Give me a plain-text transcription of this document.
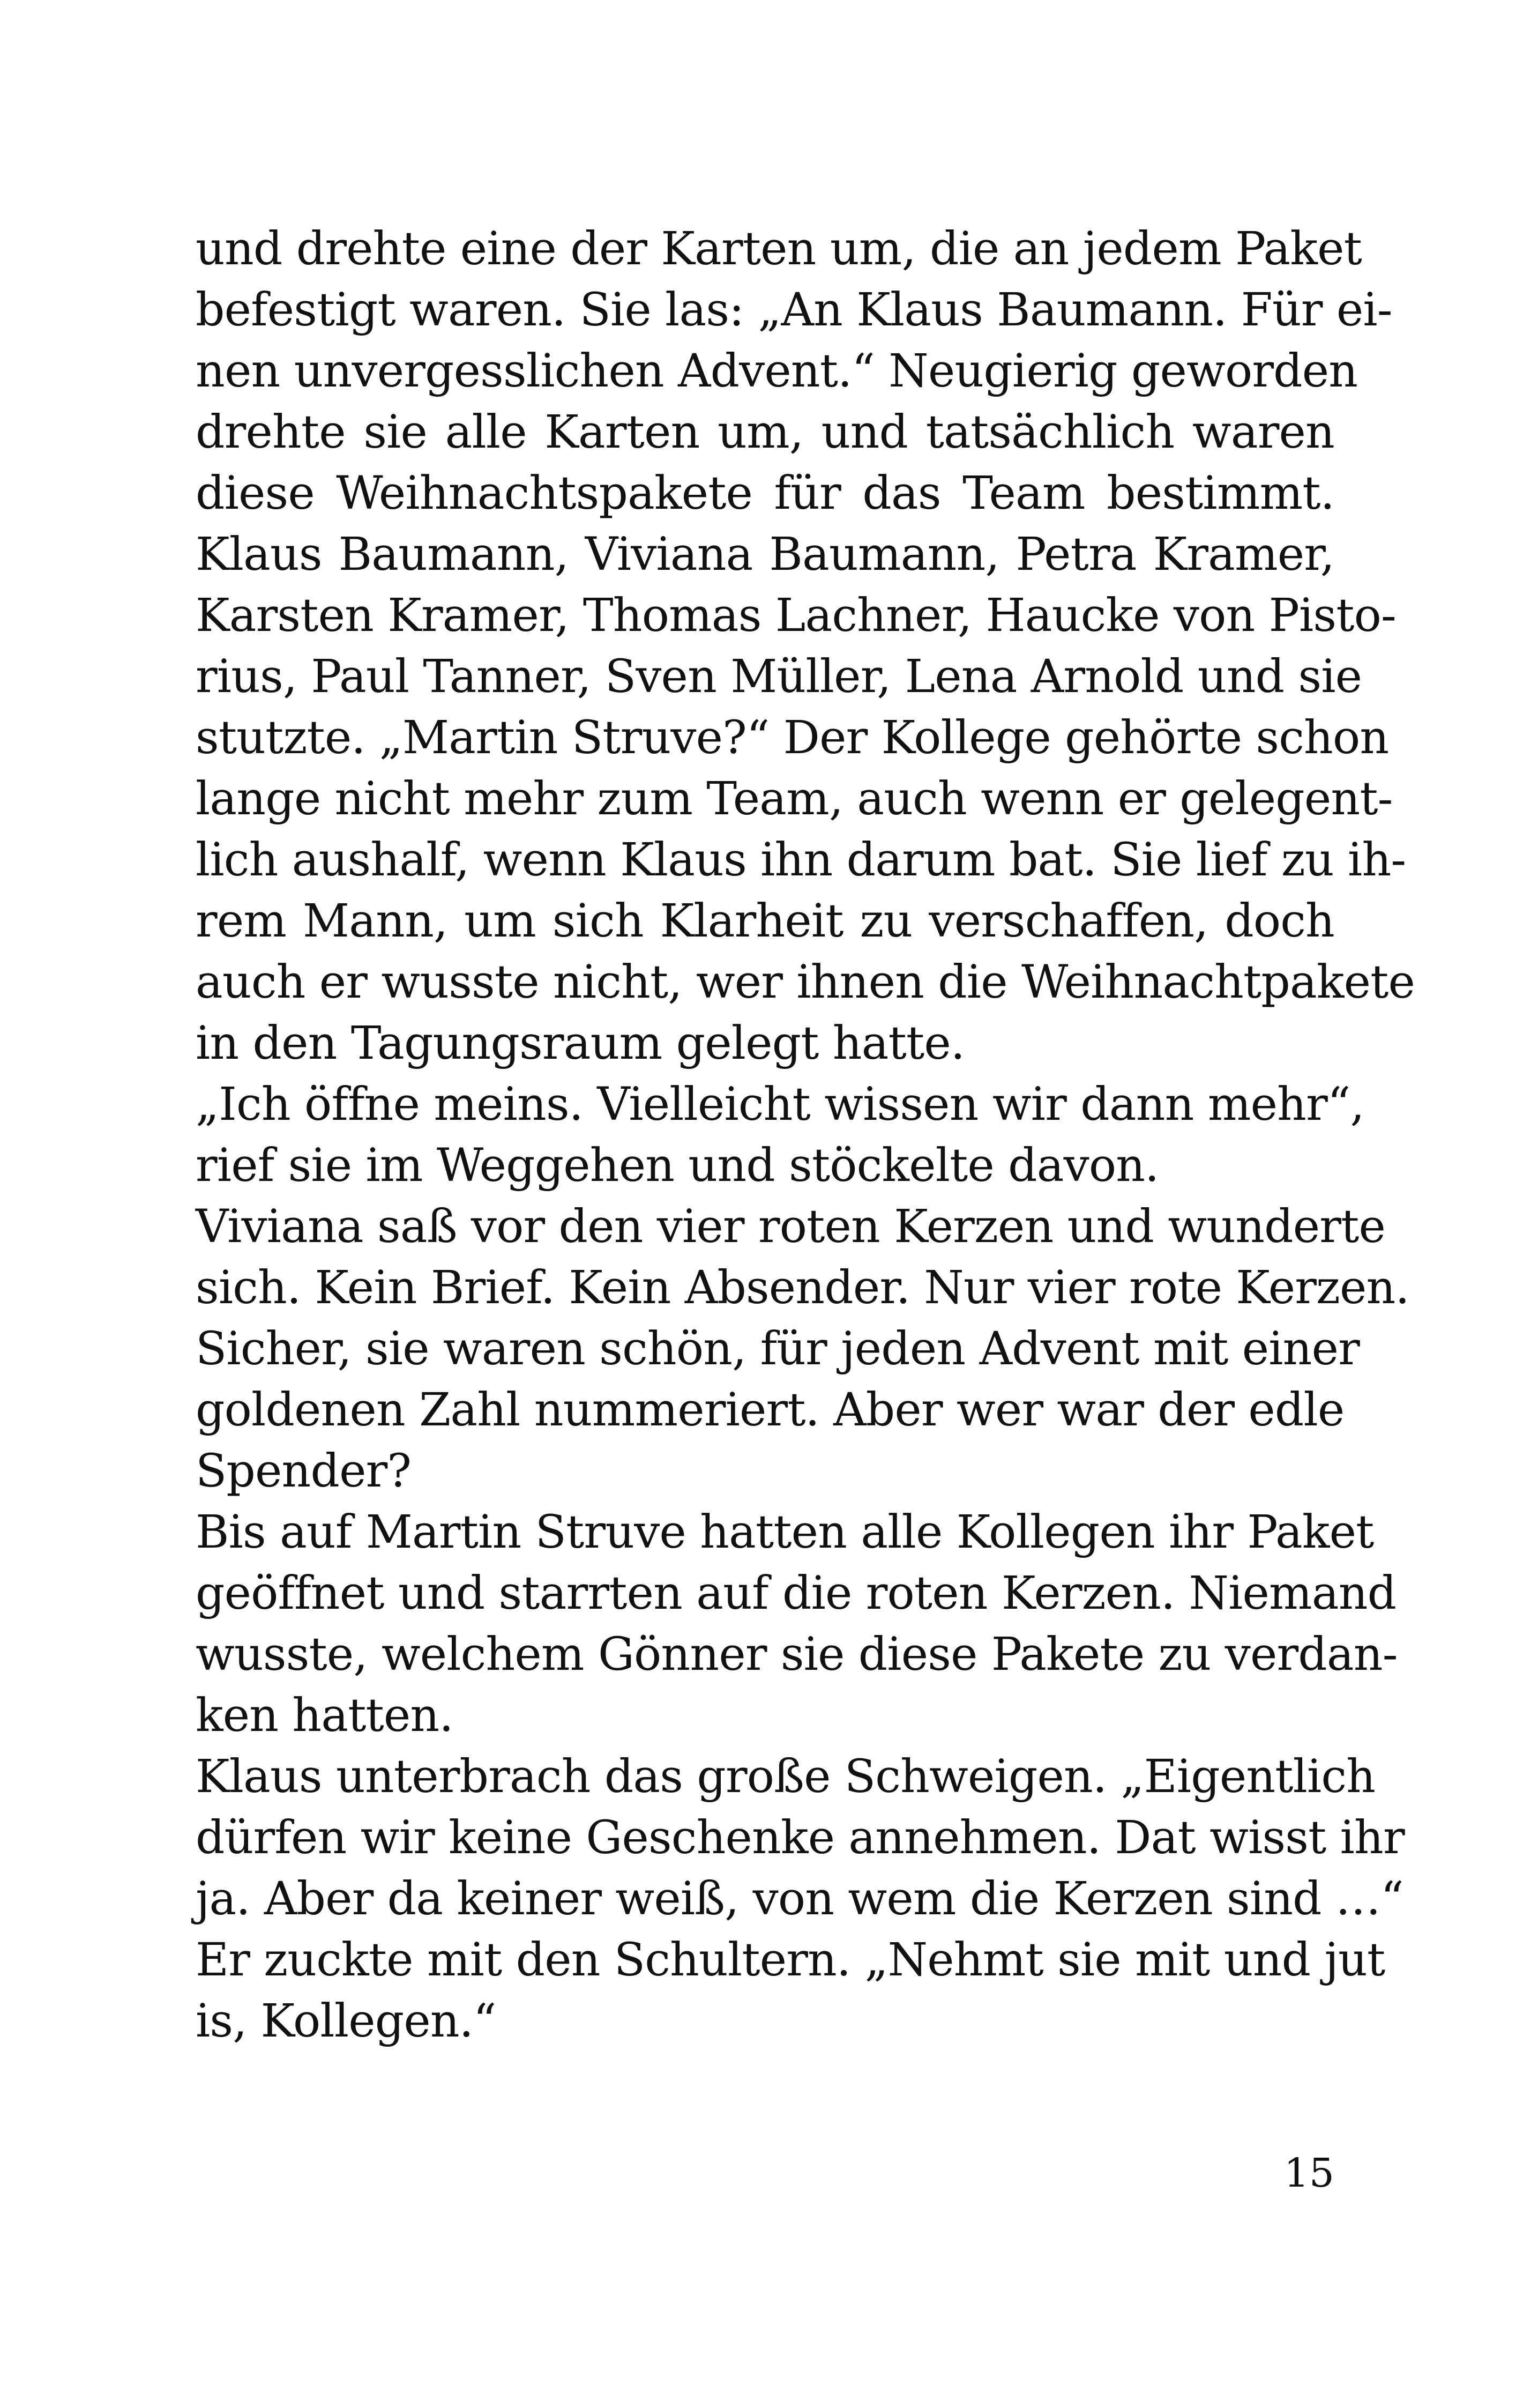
und drehte eine der Karten um, die an jedem Paket
befestigt waren. Sie las: „An Klaus Baumann. Für ei-
nen unvergesslichen Advent.“ Neugierig geworden
drehte sie alle Karten um, und tatsächlich waren
diese Weihnachtspakete für das Team bestimmt.
Klaus Baumann, Viviana Baumann, Petra Kramer,
Karsten Kramer, Thomas Lachner, Haucke von Pisto-
rius, Paul Tanner, Sven Müller, Lena Arnold und sie
stutzte. „Martin Struve?“ Der Kollege gehörte schon
lange nicht mehr zum Team, auch wenn er gelegent-
lich aushalf, wenn Klaus ihn darum bat. Sie lief zu ih-
rem Mann, um sich Klarheit zu verschaffen, doch
auch er wusste nicht, wer ihnen die Weihnachtpakete
in den Tagungsraum gelegt hatte.
„Ich öffne meins. Vielleicht wissen wir dann mehr“,
rief sie im Weggehen und stöckelte davon.
Viviana saß vor den vier roten Kerzen und wunderte
sich. Kein Brief. Kein Absender. Nur vier rote Kerzen.
Sicher, sie waren schön, für jeden Advent mit einer
goldenen Zahl nummeriert. Aber wer war der edle
Spender?
Bis auf Martin Struve hatten alle Kollegen ihr Paket
geöffnet und starrten auf die roten Kerzen. Niemand
wusste, welchem Gönner sie diese Pakete zu verdan-
ken hatten.
Klaus unterbrach das große Schweigen. „Eigentlich
dürfen wir keine Geschenke annehmen. Dat wisst ihr
ja. Aber da keiner weiß, von wem die Kerzen sind …“
Er zuckte mit den Schultern. „Nehmt sie mit und jut
is, Kollegen.“
15
